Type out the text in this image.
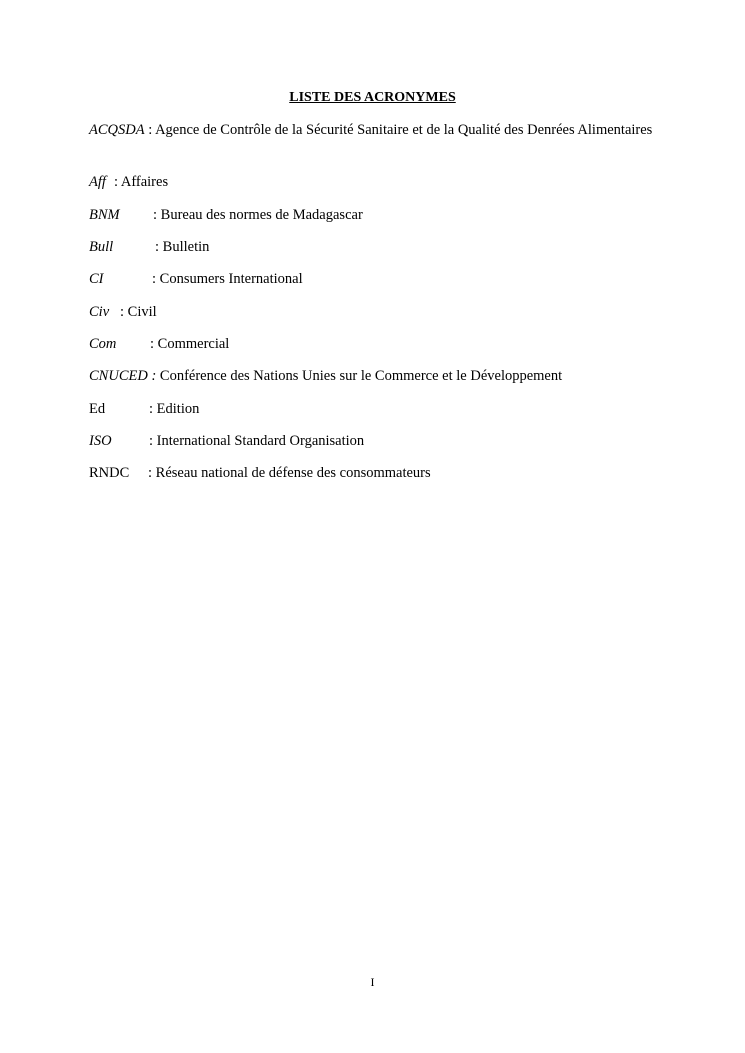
LISTE DES ACRONYMES
ACQSDA : Agence de Contrôle de la Sécurité Sanitaire et de la Qualité des Denrées Alimentaires
Aff : Affaires
BNM : Bureau des normes de Madagascar
Bull	: Bulletin
CI	: Consumers International
Civ : Civil
Com : Commercial
CNUCED : Conférence des Nations Unies sur le Commerce et le Développement
Ed	: Edition
ISO	: International Standard Organisation
RNDC : Réseau national de défense des consommateurs
I
